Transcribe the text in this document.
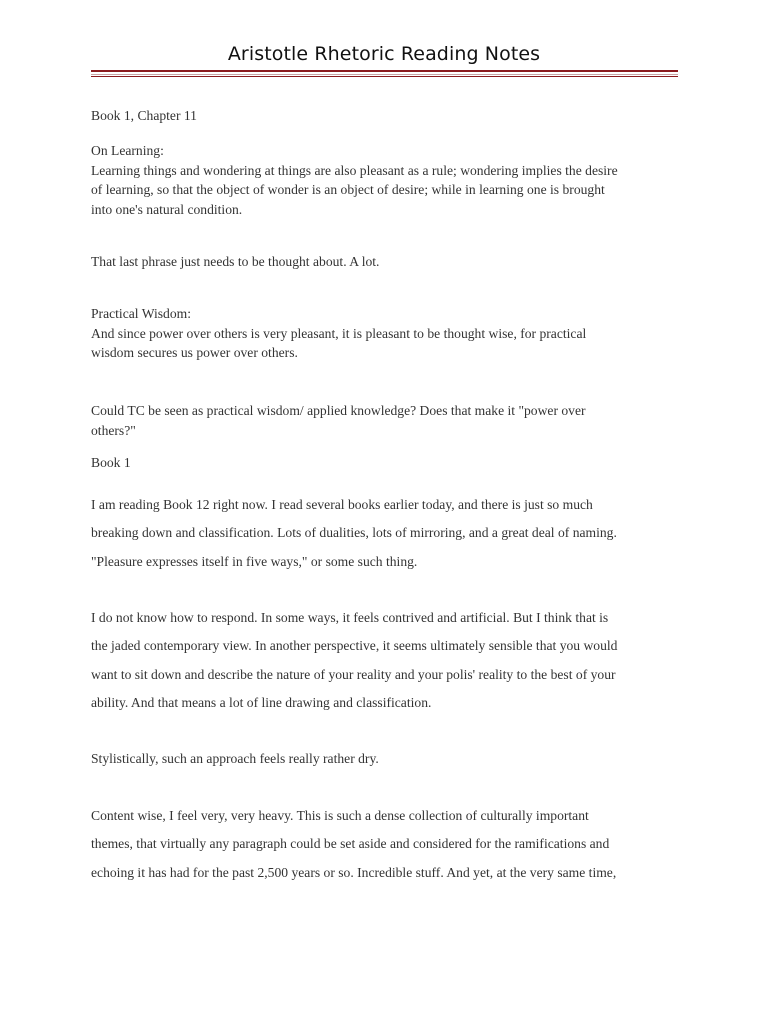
Aristotle Rhetoric Reading Notes
Book 1, Chapter 11
On Learning:
Learning things and wondering at things are also pleasant as a rule; wondering implies the desire
of learning, so that the object of wonder is an object of desire; while in learning one is brought
into one's natural condition.
That last phrase just needs to be thought about. A lot.
Practical Wisdom:
And since power over others is very pleasant, it is pleasant to be thought wise, for practical
wisdom secures us power over others.
Could TC be seen as practical wisdom/ applied knowledge? Does that make it "power over
others?"
Book 1
I am reading Book 12 right now. I read several books earlier today, and there is just so much
breaking down and classification. Lots of dualities, lots of mirroring, and a great deal of naming.
"Pleasure expresses itself in five ways," or some such thing.
I do not know how to respond. In some ways, it feels contrived and artificial. But I think that is
the jaded contemporary view. In another perspective, it seems ultimately sensible that you would
want to sit down and describe the nature of your reality and your polis' reality to the best of your
ability. And that means a lot of line drawing and classification.
Stylistically, such an approach feels really rather dry.
Content wise, I feel very, very heavy. This is such a dense collection of culturally important
themes, that virtually any paragraph could be set aside and considered for the ramifications and
echoing it has had for the past 2,500 years or so. Incredible stuff. And yet, at the very same time,
